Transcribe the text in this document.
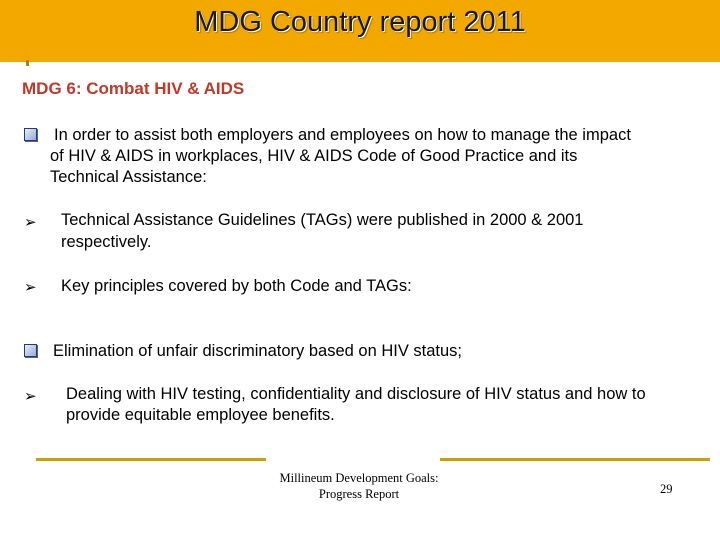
MDG Country report 2011
MDG 6: Combat HIV & AIDS
In order to assist both employers and employees on how to manage the impact
of HIV & AIDS in workplaces, HIV & AIDS Code of Good Practice and its
Technical Assistance:
➢ Technical Assistance Guidelines (TAGs) were published in 2000 & 2001
respectively.
➢ Key principles covered by both Code and TAGs:
Elimination of unfair discriminatory based on HIV status;
➢ Dealing with HIV testing, confidentiality and disclosure of HIV status and how to
provide equitable employee benefits.
Millineum Development Goals:
Progress Report	29
